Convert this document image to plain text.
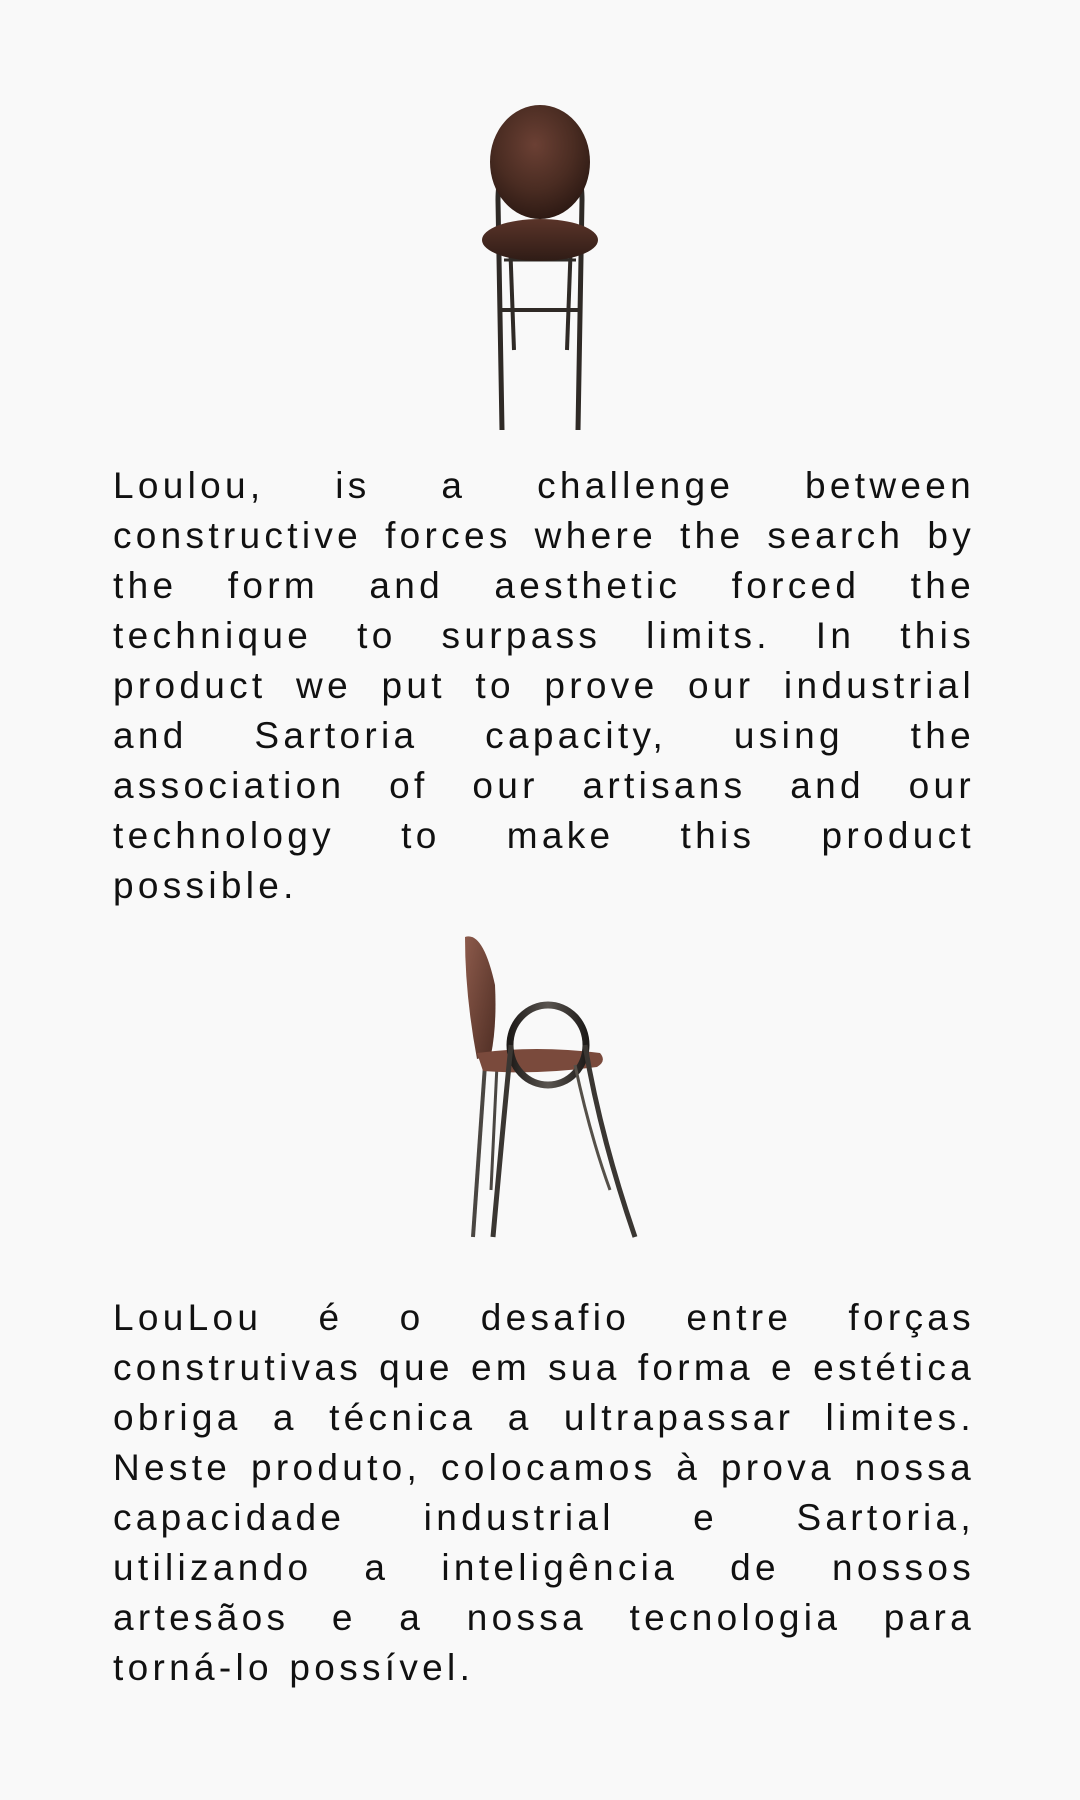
Loulou, is a challenge between constructive forces where the search by the form and aesthetic forced the technique to surpass limits. In this product we put to prove our industrial and Sartoria capacity, using the association of our artisans and our technology to make this product possible.

LouLou é o desafio entre forças construtivas que em sua forma e estética obriga a técnica a ultrapassar limites. Neste produto, colocamos à prova nossa capacidade industrial e Sartoria, utilizando a inteligência de nossos artesãos e a nossa tecnologia para torná-lo possível.
